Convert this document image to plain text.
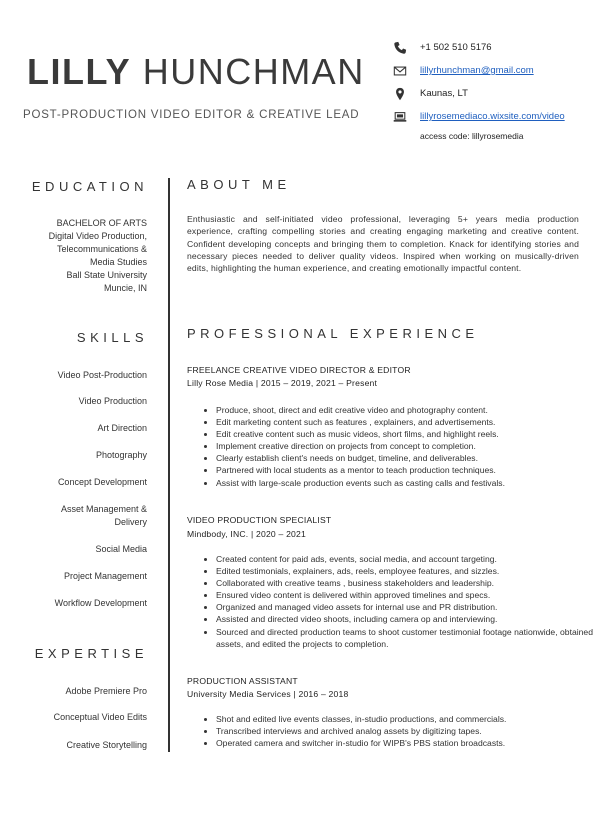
LILLY HUNCHMAN
POST-PRODUCTION VIDEO EDITOR & CREATIVE LEAD
+1 502 510 5176
lillyrhunchman@gmail.com
Kaunas, LT
lillyrosemediaco.wixsite.com/video
access code: lillyrosemedia
EDUCATION
BACHELOR OF ARTS
Digital Video Production,
Telecommunications &
Media Studies
Ball State University
Muncie, IN
SKILLS
Video Post-Production
Video Production
Art Direction
Photography
Concept Development
Asset Management &
Delivery
Social Media
Project Management
Workflow Development
EXPERTISE
Adobe Premiere Pro
Conceptual Video Edits
Creative Storytelling
ABOUT ME
Enthusiastic and self-initiated video professional, leveraging 5+ years media production experience, crafting compelling stories and creating engaging marketing and creative content. Confident developing concepts and bringing them to completion. Knack for identifying stories and necessary pieces needed to deliver quality videos. Inspired when working on musically-driven edits, highlighting the human experience, and creating emotionally impactful content.
PROFESSIONAL EXPERIENCE
FREELANCE CREATIVE VIDEO DIRECTOR & EDITOR
Lilly Rose Media | 2015 – 2019, 2021 – Present
• Produce, shoot, direct and edit creative video and photography content.
• Edit marketing content such as features , explainers, and advertisements.
• Edit creative content such as music videos, short films, and highlight reels.
• Implement creative direction on projects from concept to completion.
• Clearly establish client's needs on budget, timeline, and deliverables.
• Partnered with local students as a mentor to teach production techniques.
• Assist with large-scale production events such as casting calls and festivals.
VIDEO PRODUCTION SPECIALIST
Mindbody, INC. | 2020 – 2021
• Created content for paid ads, events, social media, and account targeting.
• Edited testimonials, explainers, ads, reels, employee features, and sizzles.
• Collaborated with creative teams , business stakeholders and leadership.
• Ensured video content is delivered within approved timelines and specs.
• Organized and managed video assets for internal use and PR distribution.
• Assisted and directed video shoots, including camera op and interviewing.
• Sourced and directed production teams to shoot customer testimonial footage nationwide, obtained assets, and edited the projects to completion.
PRODUCTION ASSISTANT
University Media Services | 2016 – 2018
• Shot and edited live events classes, in-studio productions, and commercials.
• Transcribed interviews and archived analog assets by digitizing tapes.
• Operated camera and switcher in-studio for WIPB's PBS station broadcasts.
